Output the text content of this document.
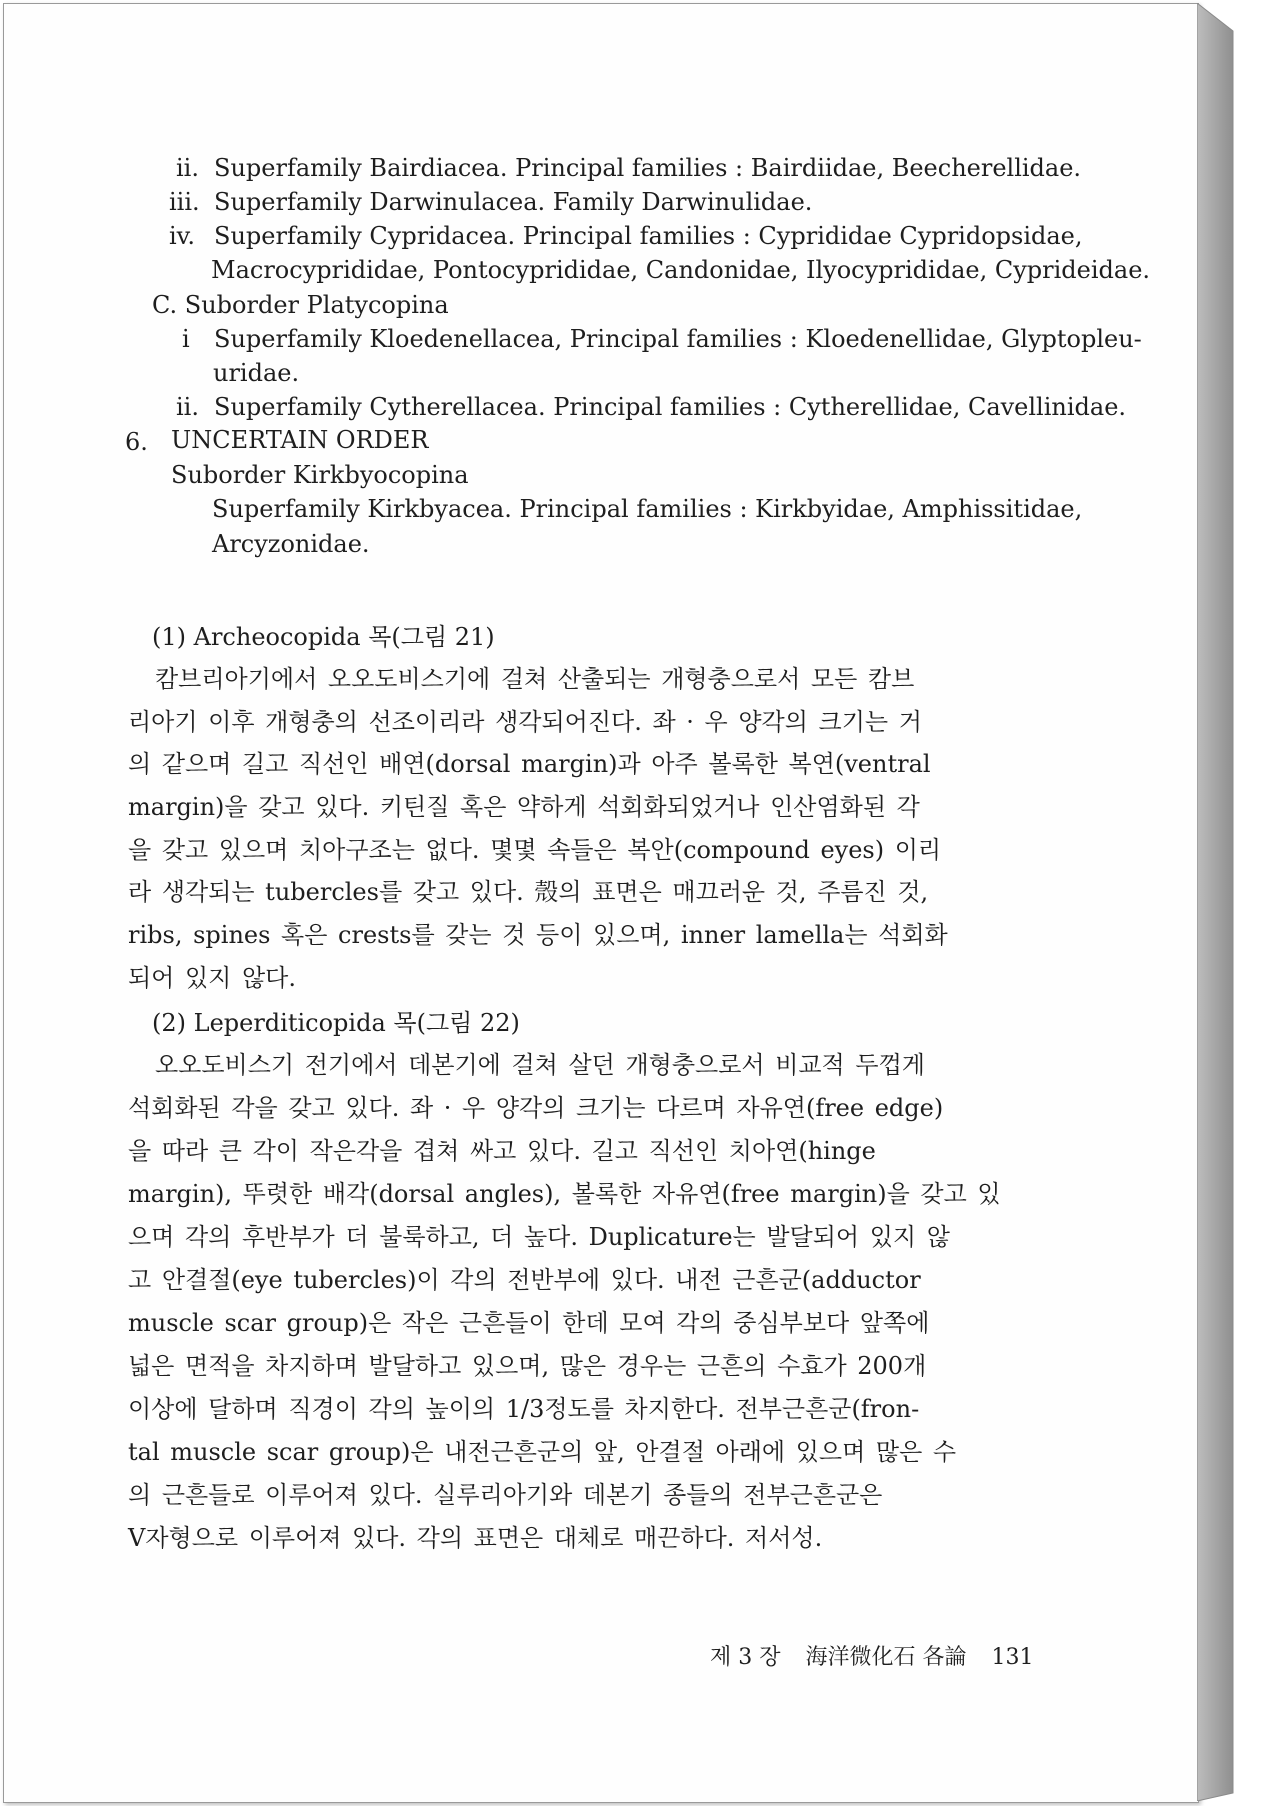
ii. Superfamily Bairdiacea. Principal families : Bairdiidae, Beecherellidae.
iii. Superfamily Darwinulacea. Family Darwinulidae.
iv. Superfamily Cypridacea. Principal families : Cyprididae Cypridopsidae,
Macrocyprididae, Pontocyprididae, Candonidae, Ilyocyprididae, Cyprideidae.
C. Suborder Platycopina
i Superfamily Kloedenellacea, Principal families : Kloedenellidae, Glyptopleu-
uridae.
ii. Superfamily Cytherellacea. Principal families : Cytherellidae, Cavellinidae.
6. UNCERTAIN ORDER
Suborder Kirkbyocopina
Superfamily Kirkbyacea. Principal families : Kirkbyidae, Amphissitidae,
Arcyzonidae.
(1) Archeocopida 목(그림 21)
캄브리아기에서 오오도비스기에 걸쳐 산출되는 개형충으로서 모든 캄브
리아기 이후 개형충의 선조이리라 생각되어진다. 좌 · 우 양각의 크기는 거
의 같으며 길고 직선인 배연(dorsal margin)과 아주 볼록한 복연(ventral
margin)을 갖고 있다. 키틴질 혹은 약하게 석회화되었거나 인산염화된 각
을 갖고 있으며 치아구조는 없다. 몇몇 속들은 복안(compound eyes) 이리
라 생각되는 tubercles를 갖고 있다. 殼의 표면은 매끄러운 것, 주름진 것,
ribs, spines 혹은 crests를 갖는 것 등이 있으며, inner lamella는 석회화
되어 있지 않다.
(2) Leperditicopida 목(그림 22)
오오도비스기 전기에서 데본기에 걸쳐 살던 개형충으로서 비교적 두껍게
석회화된 각을 갖고 있다. 좌 · 우 양각의 크기는 다르며 자유연(free edge)
을 따라 큰 각이 작은각을 겹쳐 싸고 있다. 길고 직선인 치아연(hinge
margin), 뚜렷한 배각(dorsal angles), 볼록한 자유연(free margin)을 갖고 있
으며 각의 후반부가 더 불룩하고, 더 높다. Duplicature는 발달되어 있지 않
고 안결절(eye tubercles)이 각의 전반부에 있다. 내전 근흔군(adductor
muscle scar group)은 작은 근흔들이 한데 모여 각의 중심부보다 앞쪽에
넓은 면적을 차지하며 발달하고 있으며, 많은 경우는 근흔의 수효가 200개
이상에 달하며 직경이 각의 높이의 1/3정도를 차지한다. 전부근흔군(fron-
tal muscle scar group)은 내전근흔군의 앞, 안결절 아래에 있으며 많은 수
의 근흔들로 이루어져 있다. 실루리아기와 데본기 종들의 전부근흔군은
V자형으로 이루어져 있다. 각의 표면은 대체로 매끈하다. 저서성.
제 3 장 海洋微化石 各論 131
